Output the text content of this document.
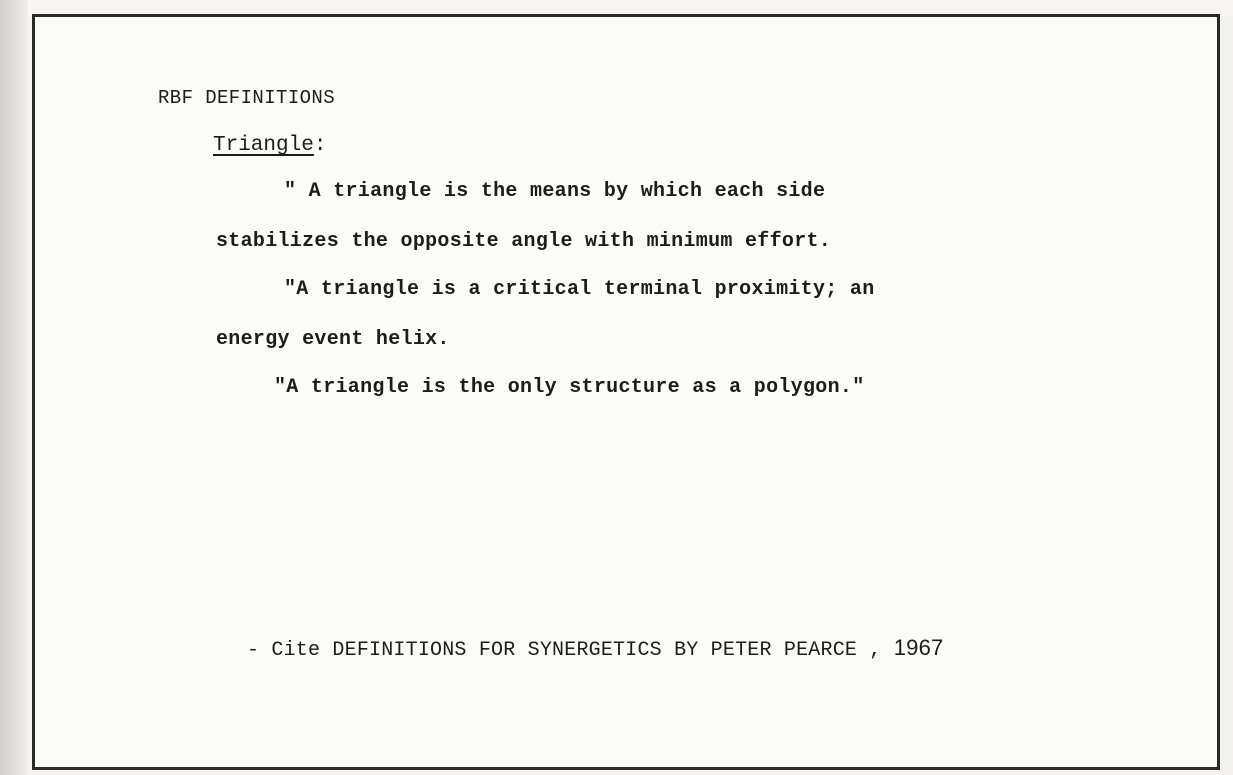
RBF DEFINITIONS
Triangle:
" A triangle is the means by which each side
stabilizes the opposite angle with minimum effort.
"A triangle is a critical terminal proximity; an
energy event helix.
"A triangle is the only structure as a polygon."
- Cite DEFINITIONS FOR SYNERGETICS BY PETER PEARCE , 1967
